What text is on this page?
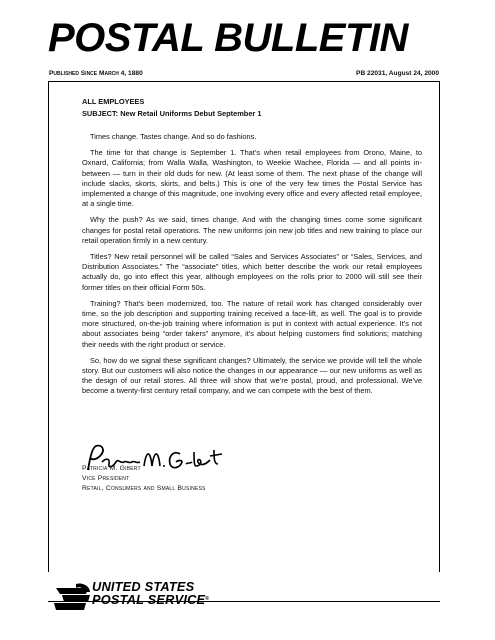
POSTAL BULLETIN
Published Since March 4, 1880	PB 22031, August 24, 2000
ALL EMPLOYEES
SUBJECT: New Retail Uniforms Debut September 1

Times change. Tastes change. And so do fashions.

The time for that change is September 1. That’s when retail employees from Orono, Maine, to Oxnard, California; from Walla Walla, Washington, to Weekie Wachee, Florida — and all points in-between — turn in their old duds for new. (At least some of them. The next phase of the change will include slacks, skorts, skirts, and belts.) This is one of the very few times the Postal Service has implemented a change of this magnitude, one involving every office and every affected retail employee, at a single time.

Why the push? As we said, times change. And with the changing times come some significant changes for postal retail operations. The new uniforms join new job titles and new training to place our retail operation firmly in a new century.

Titles? New retail personnel will be called “Sales and Services Associates” or “Sales, Services, and Distribution Associates.” The “associate” titles, which better describe the work our retail employees actually do, go into effect this year, although employees on the rolls prior to 2000 will still see their former titles on their official Form 50s.

Training? That’s been modernized, too. The nature of retail work has changed considerably over time, so the job description and supporting training received a face-lift, as well. The goal is to provide more structured, on-the-job training where information is put in context with actual experience. It’s not about associates being “order takers” anymore, it’s about helping customers find solutions; matching their needs with the right product or service.

So, how do we signal these significant changes? Ultimately, the service we provide will tell the whole story. But our customers will also notice the changes in our appearance — our new uniforms as well as the design of our retail stores. All three will show that we’re postal, proud, and professional. We’ve become a twenty-first century retail company, and we can compete with the best of them.

Patricia M. Gibert
Vice President
Retail, Consumers and Small Business
UNITED STATES
POSTAL SERVICE®
